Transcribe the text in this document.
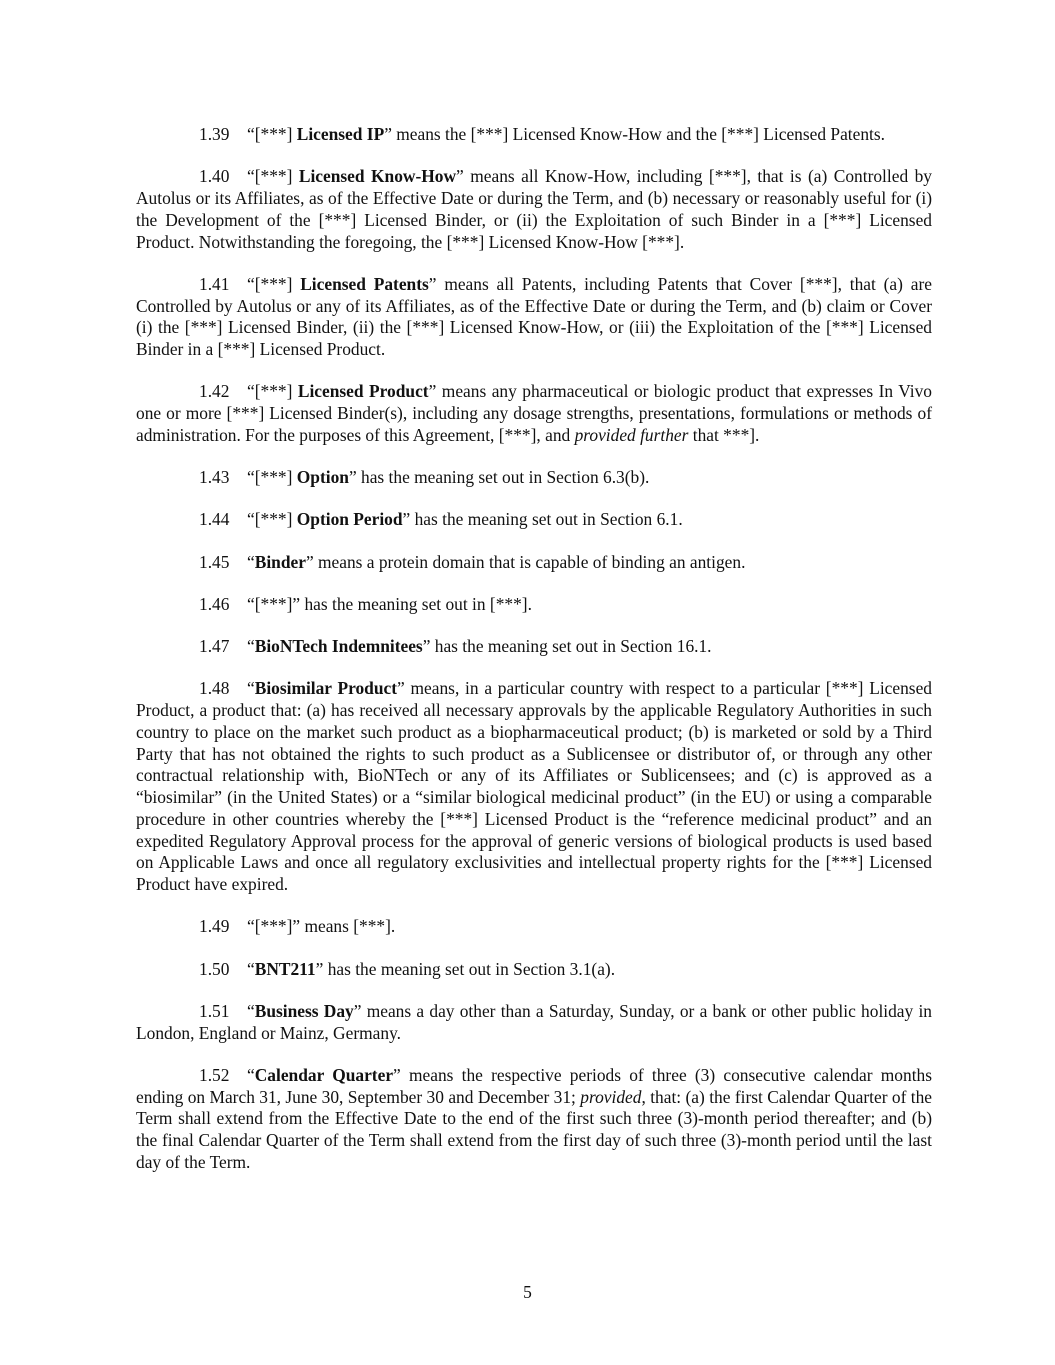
1.39 “[***] Licensed IP” means the [***] Licensed Know-How and the [***] Licensed Patents.

1.40 “[***] Licensed Know-How” means all Know-How, including [***], that is (a) Controlled by Autolus or its Affiliates, as of the Effective Date or during the Term, and (b) necessary or reasonably useful for (i) the Development of the [***] Licensed Binder, or (ii) the Exploitation of such Binder in a [***] Licensed Product. Notwithstanding the foregoing, the [***] Licensed Know-How [***].

1.41 “[***] Licensed Patents” means all Patents, including Patents that Cover [***], that (a) are Controlled by Autolus or any of its Affiliates, as of the Effective Date or during the Term, and (b) claim or Cover (i) the [***] Licensed Binder, (ii) the [***] Licensed Know-How, or (iii) the Exploitation of the [***] Licensed Binder in a [***] Licensed Product.

1.42 “[***] Licensed Product” means any pharmaceutical or biologic product that expresses In Vivo one or more [***] Licensed Binder(s), including any dosage strengths, presentations, formulations or methods of administration. For the purposes of this Agreement, [***], and provided further that ***].

1.43 “[***] Option” has the meaning set out in Section 6.3(b).

1.44 “[***] Option Period” has the meaning set out in Section 6.1.

1.45 “Binder” means a protein domain that is capable of binding an antigen.

1.46 “[***]” has the meaning set out in [***].

1.47 “BioNTech Indemnitees” has the meaning set out in Section 16.1.

1.48 “Biosimilar Product” means, in a particular country with respect to a particular [***] Licensed Product, a product that: (a) has received all necessary approvals by the applicable Regulatory Authorities in such country to place on the market such product as a biopharmaceutical product; (b) is marketed or sold by a Third Party that has not obtained the rights to such product as a Sublicensee or distributor of, or through any other contractual relationship with, BioNTech or any of its Affiliates or Sublicensees; and (c) is approved as a “biosimilar” (in the United States) or a “similar biological medicinal product” (in the EU) or using a comparable procedure in other countries whereby the [***] Licensed Product is the “reference medicinal product” and an expedited Regulatory Approval process for the approval of generic versions of biological products is used based on Applicable Laws and once all regulatory exclusivities and intellectual property rights for the [***] Licensed Product have expired.

1.49 “[***]” means [***].

1.50 “BNT211” has the meaning set out in Section 3.1(a).

1.51 “Business Day” means a day other than a Saturday, Sunday, or a bank or other public holiday in London, England or Mainz, Germany.

1.52 “Calendar Quarter” means the respective periods of three (3) consecutive calendar months ending on March 31, June 30, September 30 and December 31; provided, that: (a) the first Calendar Quarter of the Term shall extend from the Effective Date to the end of the first such three (3)-month period thereafter; and (b) the final Calendar Quarter of the Term shall extend from the first day of such three (3)-month period until the last day of the Term.

5
